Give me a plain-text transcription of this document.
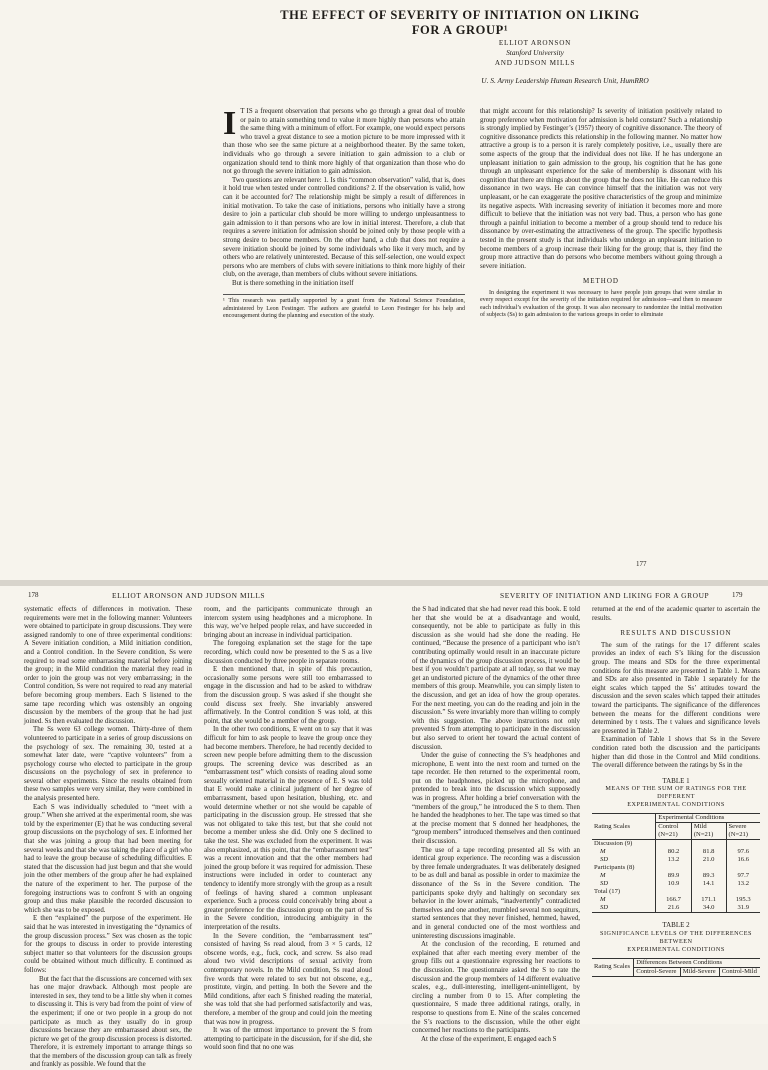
THE EFFECT OF SEVERITY OF INITIATION ON LIKING
FOR A GROUP¹
ELLIOT ARONSON
Stanford University
AND JUDSON MILLS
U. S. Army Leadership Human Research Unit, HumRRO
I T IS a frequent observation that persons who go through a great deal of trouble or pain to attain something tend to value it more highly than persons who attain the same thing with a minimum of effort. For example, one would expect persons who travel a great distance to see a motion picture to be more impressed with it than those who see the same picture at a neighborhood theater. By the same token, individuals who go through a severe initiation to gain admission to a club or organization should tend to think more highly of that organization than those who do not go through the severe initiation to gain admission.

Two questions are relevant here: 1. Is this “common observation” valid, that is, does it hold true when tested under controlled conditions? 2. If the observation is valid, how can it be accounted for? The relationship might be simply a result of differences in initial motivation. To take the case of initiations, persons who initially have a strong desire to join a particular club should be more willing to undergo unpleasantness to gain admission to it than persons who are low in initial interest. Therefore, a club that requires a severe initiation for admission should be joined only by those people with a strong desire to become members. On the other hand, a club that does not require a severe initiation should be joined by some individuals who like it very much, and by others who are relatively uninterested. Because of this self-selection, one would expect persons who are members of clubs with severe initiations to think more highly of their club, on the average, than members of clubs without severe initiations.

But is there something in the initiation itself

¹ This research was partially supported by a grant from the National Science Foundation, administered by Leon Festinger. The authors are grateful to Leon Festinger for his help and encouragement during the planning and execution of the study.

that might account for this relationship? Is severity of initiation positively related to group preference when motivation for admission is held constant? Such a relationship is strongly implied by Festinger’s (1957) theory of cognitive dissonance. The theory of cognitive dissonance predicts this relationship in the following manner. No matter how attractive a group is to a person it is rarely completely positive, i.e., usually there are some aspects of the group that the individual does not like. If he has undergone an unpleasant initiation to gain admission to the group, his cognition that he has gone through an unpleasant experience for the sake of membership is dissonant with his cognition that there are things about the group that he does not like. He can reduce this dissonance in two ways. He can convince himself that the initiation was not very unpleasant, or he can exaggerate the positive characteristics of the group and minimize its negative aspects. With increasing severity of initiation it becomes more and more difficult to believe that the initiation was not very bad. Thus, a person who has gone through a painful initiation to become a member of a group should tend to reduce his dissonance by over-estimating the attractiveness of the group. The specific hypothesis tested in the present study is that individuals who undergo an unpleasant initiation to become members of a group increase their liking for the group; that is, they find the group more attractive than do persons who become members without going through a severe initiation.

METHOD

In designing the experiment it was necessary to have people join groups that were similar in every respect except for the severity of the initiation required for admission—and then to measure each individual’s evaluation of the group. It was also necessary to randomize the initial motivation of subjects (Ss) to gain admission to the various groups in order to eliminate

177
178	ELLIOT ARONSON AND JUDSON MILLS	SEVERITY OF INITIATION AND LIKING FOR A GROUP	179

systematic effects of differences in motivation. These requirements were met in the following manner: Volunteers were obtained to participate in group discussions. They were assigned randomly to one of three experimental conditions: A Severe initiation condition, a Mild initiation condition, and a Control condition. In the Severe condition, Ss were required to read some embarrassing material before joining the group; in the Mild condition the material they read in order to join the group was not very embarrassing; in the Control condition, Ss were not required to read any material before becoming group members. Each S listened to the same tape recording which was ostensibly an ongoing discussion by the members of the group that he had just joined. Ss then evaluated the discussion.

The Ss were 63 college women. Thirty-three of them volunteered to participate in a series of group discussions on the psychology of sex. The remaining 30, tested at a somewhat later date, were “captive volunteers” from a psychology course who elected to participate in the group discussions on the psychology of sex in preference to several other experiments. Since the results obtained from these two samples were very similar, they were combined in the analysis presented here.

Each S was individually scheduled to “meet with a group.” When she arrived at the experimental room, she was told by the experimenter (E) that he was conducting several group discussions on the psychology of sex. E informed her that she was joining a group that had been meeting for several weeks and that she was taking the place of a girl who had to leave the group because of scheduling difficulties. E stated that the discussion had just begun and that she would join the other members of the group after he had explained the nature of the experiment to her. The purpose of the foregoing instructions was to confront S with an ongoing group and thus make plausible the recorded discussion to which she was to be exposed.

E then “explained” the purpose of the experiment. He said that he was interested in investigating the “dynamics of the group discussion process.” Sex was chosen as the topic for the groups to discuss in order to provide interesting subject matter so that volunteers for the discussion groups could be obtained without much difficulty. E continued as follows:

But the fact that the discussions are concerned with sex has one major drawback. Although most people are interested in sex, they tend to be a little shy when it comes to discussing it. This is very bad from the point of view of the experiment; if one or two people in a group do not participate as much as they usually do in group discussions because they are embarrassed about sex, the picture we get of the group discussion process is distorted. Therefore, it is extremely important to arrange things so that the members of the discussion group can talk as freely and frankly as possible. We found that the

room, and the participants communicate through an intercom system using headphones and a microphone. In this way, we’ve helped people relax, and have succeeded in bringing about an increase in individual participation.

The foregoing explanation set the stage for the tape recording, which could now be presented to the S as a live discussion conducted by three people in separate rooms.

E then mentioned that, in spite of this precaution, occasionally some persons were still too embarrassed to engage in the discussion and had to be asked to withdraw from the discussion group. S was asked if she thought she could discuss sex freely. She invariably answered affirmatively. In the Control condition S was told, at this point, that she would be a member of the group.

In the other two conditions, E went on to say that it was difficult for him to ask people to leave the group once they had become members. Therefore, he had recently decided to screen new people before admitting them to the discussion groups. The screening device was described as an “embarrassment test” which consists of reading aloud some sexually oriented material in the presence of E. S was told that E would make a clinical judgment of her degree of embarrassment, based upon hesitation, blushing, etc. and would determine whether or not she would be capable of participating in the discussion group. He stressed that she was not obligated to take this test, but that she could not become a member unless she did. Only one S declined to take the test. She was excluded from the experiment. It was also emphasized, at this point, that the “embarrassment test” was a recent innovation and that the other members had joined the group before it was required for admission. These instructions were included in order to counteract any tendency to identify more strongly with the group as a result of feelings of having shared a common unpleasant experience. Such a process could conceivably bring about a greater preference for the discussion group on the part of Ss in the Severe condition, introducing ambiguity in the interpretation of the results.

In the Severe condition, the “embarrassment test” consisted of having Ss read aloud, from 3 × 5 cards, 12 obscene words, e.g., fuck, cock, and screw. Ss also read aloud two vivid descriptions of sexual activity from contemporary novels. In the Mild condition, Ss read aloud five words that were related to sex but not obscene, e.g., prostitute, virgin, and petting. In both the Severe and the Mild conditions, after each S finished reading the material, she was told that she had performed satisfactorily and was, therefore, a member of the group and could join the meeting that was now in progress.

It was of the utmost importance to prevent the S from attempting to participate in the discussion, for if she did, she would soon find that no one was

the S had indicated that she had never read this book. E told her that she would be at a disadvantage and would, consequently, not be able to participate as fully in this discussion as she would had she done the reading. He continued, “Because the presence of a participant who isn’t contributing optimally would result in an inaccurate picture of the dynamics of the group discussion process, it would be best if you wouldn’t participate at all today, so that we may get an undistorted picture of the dynamics of the other three members of this group. Meanwhile, you can simply listen to the discussion, and get an idea of how the group operates. For the next meeting, you can do the reading and join in the discussion.” Ss were invariably more than willing to comply with this suggestion. The above instructions not only prevented S from attempting to participate in the discussion but also served to orient her toward the actual content of discussion.

Under the guise of connecting the S’s headphones and microphone, E went into the next room and turned on the tape recorder. He then returned to the experimental room, put on the headphones, picked up the microphone, and pretended to break into the discussion which supposedly was in progress. After holding a brief conversation with the “members of the group,” he introduced the S to them. Then he handed the headphones to her. The tape was timed so that at the precise moment that S donned her headphones, the “group members” introduced themselves and then continued their discussion.

The use of a tape recording presented all Ss with an identical group experience. The recording was a discussion by three female undergraduates. It was deliberately designed to be as dull and banal as possible in order to maximize the dissonance of the Ss in the Severe condition. The participants spoke dryly and haltingly on secondary sex behavior in the lower animals, “inadvertently” contradicted themselves and one another, mumbled several non sequiturs, started sentences that they never finished, hemmed, hawed, and in general conducted one of the most worthless and uninteresting discussions imaginable.

At the conclusion of the recording, E returned and explained that after each meeting every member of the group fills out a questionnaire expressing her reactions to the discussion. The questionnaire asked the S to rate the discussion and the group members of 14 different evaluative scales, e.g., dull-interesting, intelligent-unintelligent, by circling a number from 0 to 15. After completing the questionnaire, S made three additional ratings, orally, in response to questions from E. Nine of the scales concerned the S’s reactions to the discussion, while the other eight concerned her reactions to the participants.

At the close of the experiment, E engaged each S

returned at the end of the academic quarter to ascertain the results.

RESULTS AND DISCUSSION

The sum of the ratings for the 17 different scales provides an index of each S’s liking for the discussion group. The means and SDs for the three experimental conditions for this measure are presented in Table 1. Means and SDs are also presented in Table 1 separately for the eight scales which tapped the Ss’ attitudes toward the discussion and the seven scales which tapped their attitudes toward the participants. The significance of the differences between the means for the different conditions were determined by t tests. The t values and significance levels are presented in Table 2.

Examination of Table 1 shows that Ss in the Severe condition rated both the discussion and the participants higher than did those in the Control and Mild conditions. The overall difference between the ratings by Ss in the

TABLE 1
MEANS OF THE SUM OF RATINGS FOR THE DIFFERENT
EXPERIMENTAL CONDITIONS
Rating Scales	Experimental Conditions		
	Control
(N=21)	Mild
(N=21)	Severe
(N=21)
Discussion (9)			
M	80.2	81.8	97.6
SD	13.2	21.0	16.6
Participants (8)			
M	89.9	89.3	97.7
SD	10.9	14.1	13.2
Total (17)			
M	166.7	171.1	195.3
SD	21.6	34.0	31.9
TABLE 2
SIGNIFICANCE LEVELS OF THE DIFFERENCES BETWEEN
EXPERIMENTAL CONDITIONS
Rating Scales	Differences Between Conditions		
	Control-Severe	Mild-Severe	Control-Mild
